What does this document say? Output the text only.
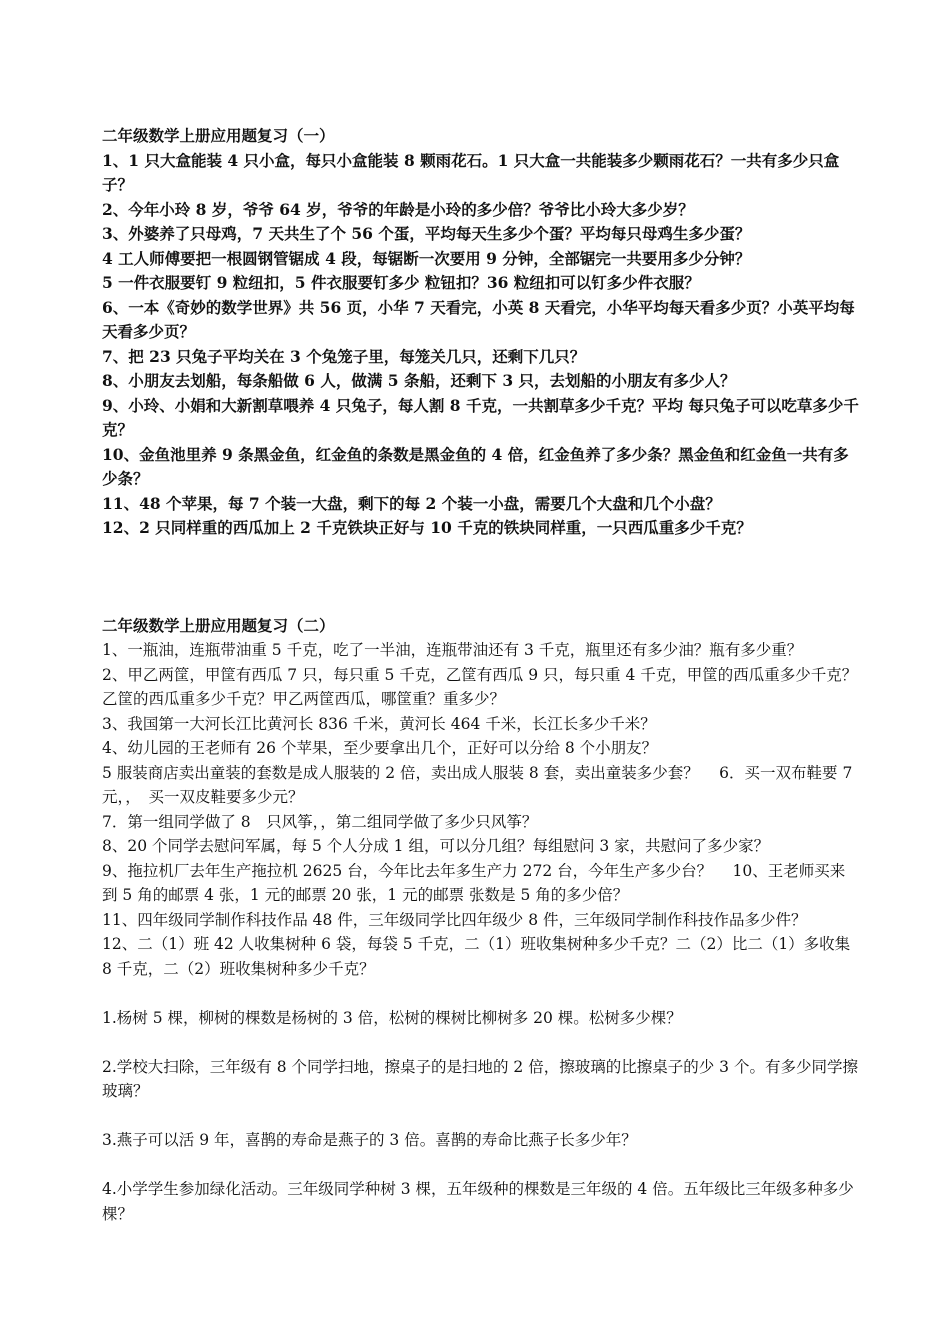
二年级数学上册应用题复习（一）

1、1 只大盒能装 4 只小盒，每只小盒能装 8 颗雨花石。1 只大盒一共能装多少颗雨花石？一共有多少只盒子？

2、今年小玲 8 岁，爷爷 64 岁，爷爷的年龄是小玲的多少倍？爷爷比小玲大多少岁？

3、外婆养了只母鸡，7 天共生了个 56 个蛋，平均每天生多少个蛋？平均每只母鸡生多少蛋？

4 工人师傅要把一根圆钢管锯成 4 段，每锯断一次要用 9 分钟，全部锯完一共要用多少分钟？

5 一件衣服要钉 9 粒纽扣，5 件衣服要钉多少 粒钮扣？36 粒纽扣可以钉多少件衣服？

6、一本《奇妙的数学世界》共 56 页，小华 7 天看完，小英 8 天看完，小华平均每天看多少页？小英平均每天看多少页？

7、把 23 只兔子平均关在 3 个兔笼子里，每笼关几只，还剩下几只？

8、小朋友去划船，每条船做 6 人，做满 5 条船，还剩下 3 只，去划船的小朋友有多少人？

9、小玲、小娟和大新割草喂养 4 只兔子，每人割 8 千克，一共割草多少千克？平均 每只兔子可以吃草多少千克？

10、金鱼池里养 9 条黑金鱼，红金鱼的条数是黑金鱼的 4 倍，红金鱼养了多少条？黑金鱼和红金鱼一共有多少条？

11、48 个苹果，每 7 个装一大盘，剩下的每 2 个装一小盘，需要几个大盘和几个小盘？

12、2 只同样重的西瓜加上 2 千克铁块正好与 10 千克的铁块同样重，一只西瓜重多少千克？

二年级数学上册应用题复习（二）

1、一瓶油，连瓶带油重 5 千克，吃了一半油，连瓶带油还有 3 千克，瓶里还有多少油？瓶有多少重？

2、甲乙两筐，甲筐有西瓜 7 只，每只重 5 千克，乙筐有西瓜 9 只，每只重 4 千克，甲筐的西瓜重多少千克？乙筐的西瓜重多少千克？甲乙两筐西瓜，哪筐重？重多少？

3、我国第一大河长江比黄河长 836 千米，黄河长 464 千米，长江长多少千米？

4、幼儿园的王老师有 26 个苹果，至少要拿出几个，正好可以分给 8 个小朋友？

5 服装商店卖出童装的套数是成人服装的 2 倍，卖出成人服装 8 套，卖出童装多少套？　 6．买一双布鞋要 7 元，，　买一双皮鞋要多少元？

7．第一组同学做了 8　只风筝，，第二组同学做了多少只风筝？

8、20 个同学去慰问军属，每 5 个人分成 1 组，可以分几组？每组慰问 3 家，共慰问了多少家？

9、拖拉机厂去年生产拖拉机 2625 台，今年比去年多生产力 272 台，今年生产多少台？　 10、王老师买来到 5 角的邮票 4 张，1 元的邮票 20 张，1 元的邮票 张数是 5 角的多少倍？

11、四年级同学制作科技作品 48 件，三年级同学比四年级少 8 件，三年级同学制作科技作品多少件？

12、二（1）班 42 人收集树种 6 袋，每袋 5 千克，二（1）班收集树种多少千克？二（2）比二（1）多收集 8 千克，二（2）班收集树种多少千克？

1.杨树 5 棵，柳树的棵数是杨树的 3 倍，松树的棵树比柳树多 20 棵。松树多少棵？

2.学校大扫除，三年级有 8 个同学扫地，擦桌子的是扫地的 2 倍，擦玻璃的比擦桌子的少 3 个。有多少同学擦玻璃？

3.燕子可以活 9 年，喜鹊的寿命是燕子的 3 倍。喜鹊的寿命比燕子长多少年？

4.小学学生参加绿化活动。三年级同学种树 3 棵，五年级种的棵数是三年级的 4 倍。五年级比三年级多种多少棵？
